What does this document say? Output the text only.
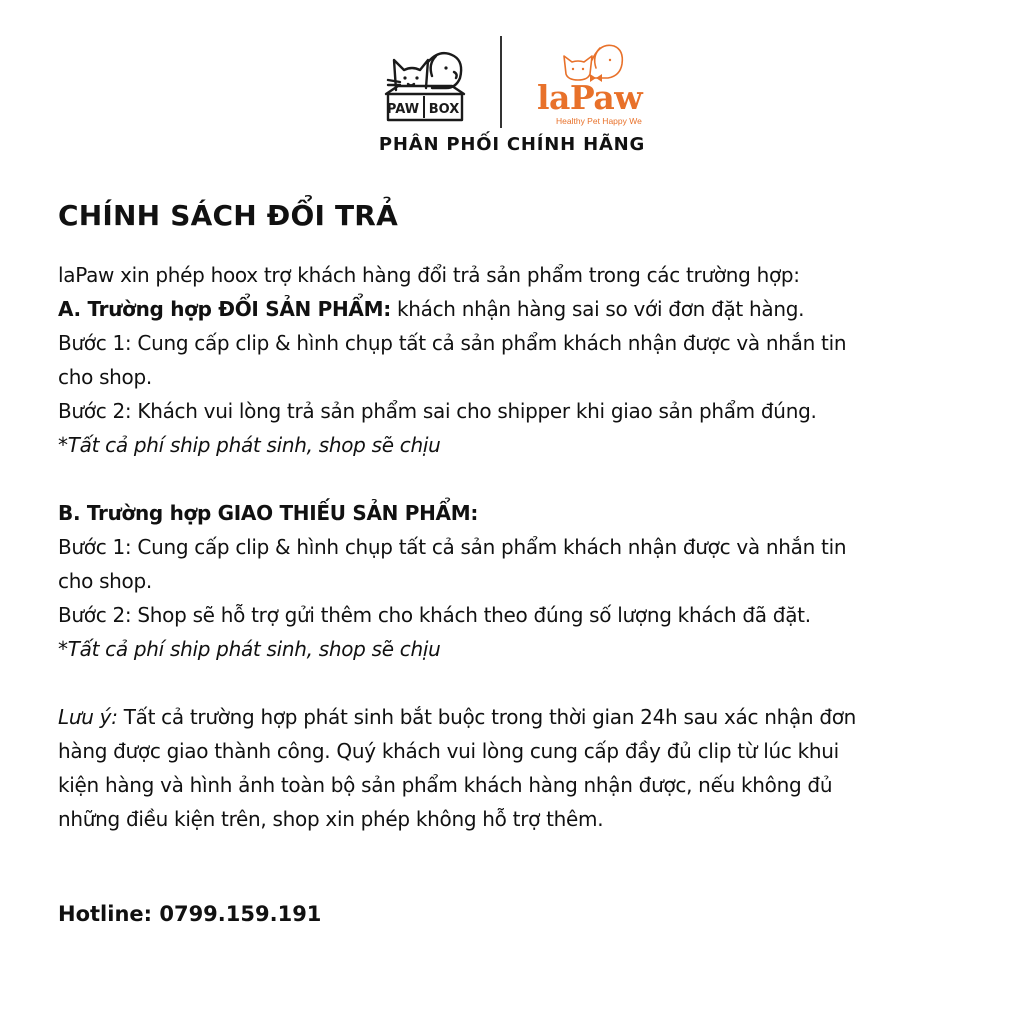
PAW BOX laPaw
Healthy Pet Happy We
PHÂN PHỐI CHÍNH HÃNG
CHÍNH SÁCH ĐỔI TRẢ

laPaw xin phép hoox trợ khách hàng đổi trả sản phẩm trong các trường hợp:

A. Trường hợp ĐỔI SẢN PHẨM: khách nhận hàng sai so với đơn đặt hàng.

Bước 1: Cung cấp clip & hình chụp tất cả sản phẩm khách nhận được và nhắn tin

cho shop.

Bước 2: Khách vui lòng trả sản phẩm sai cho shipper khi giao sản phẩm đúng.

*Tất cả phí ship phát sinh, shop sẽ chịu

B. Trường hợp GIAO THIẾU SẢN PHẨM:

Bước 1: Cung cấp clip & hình chụp tất cả sản phẩm khách nhận được và nhắn tin

cho shop.

Bước 2: Shop sẽ hỗ trợ gửi thêm cho khách theo đúng số lượng khách đã đặt.

*Tất cả phí ship phát sinh, shop sẽ chịu

Lưu ý: Tất cả trường hợp phát sinh bắt buộc trong thời gian 24h sau xác nhận đơn

hàng được giao thành công. Quý khách vui lòng cung cấp đầy đủ clip từ lúc khui

kiện hàng và hình ảnh toàn bộ sản phẩm khách hàng nhận được, nếu không đủ

những điều kiện trên, shop xin phép không hỗ trợ thêm.

Hotline: 0799.159.191
